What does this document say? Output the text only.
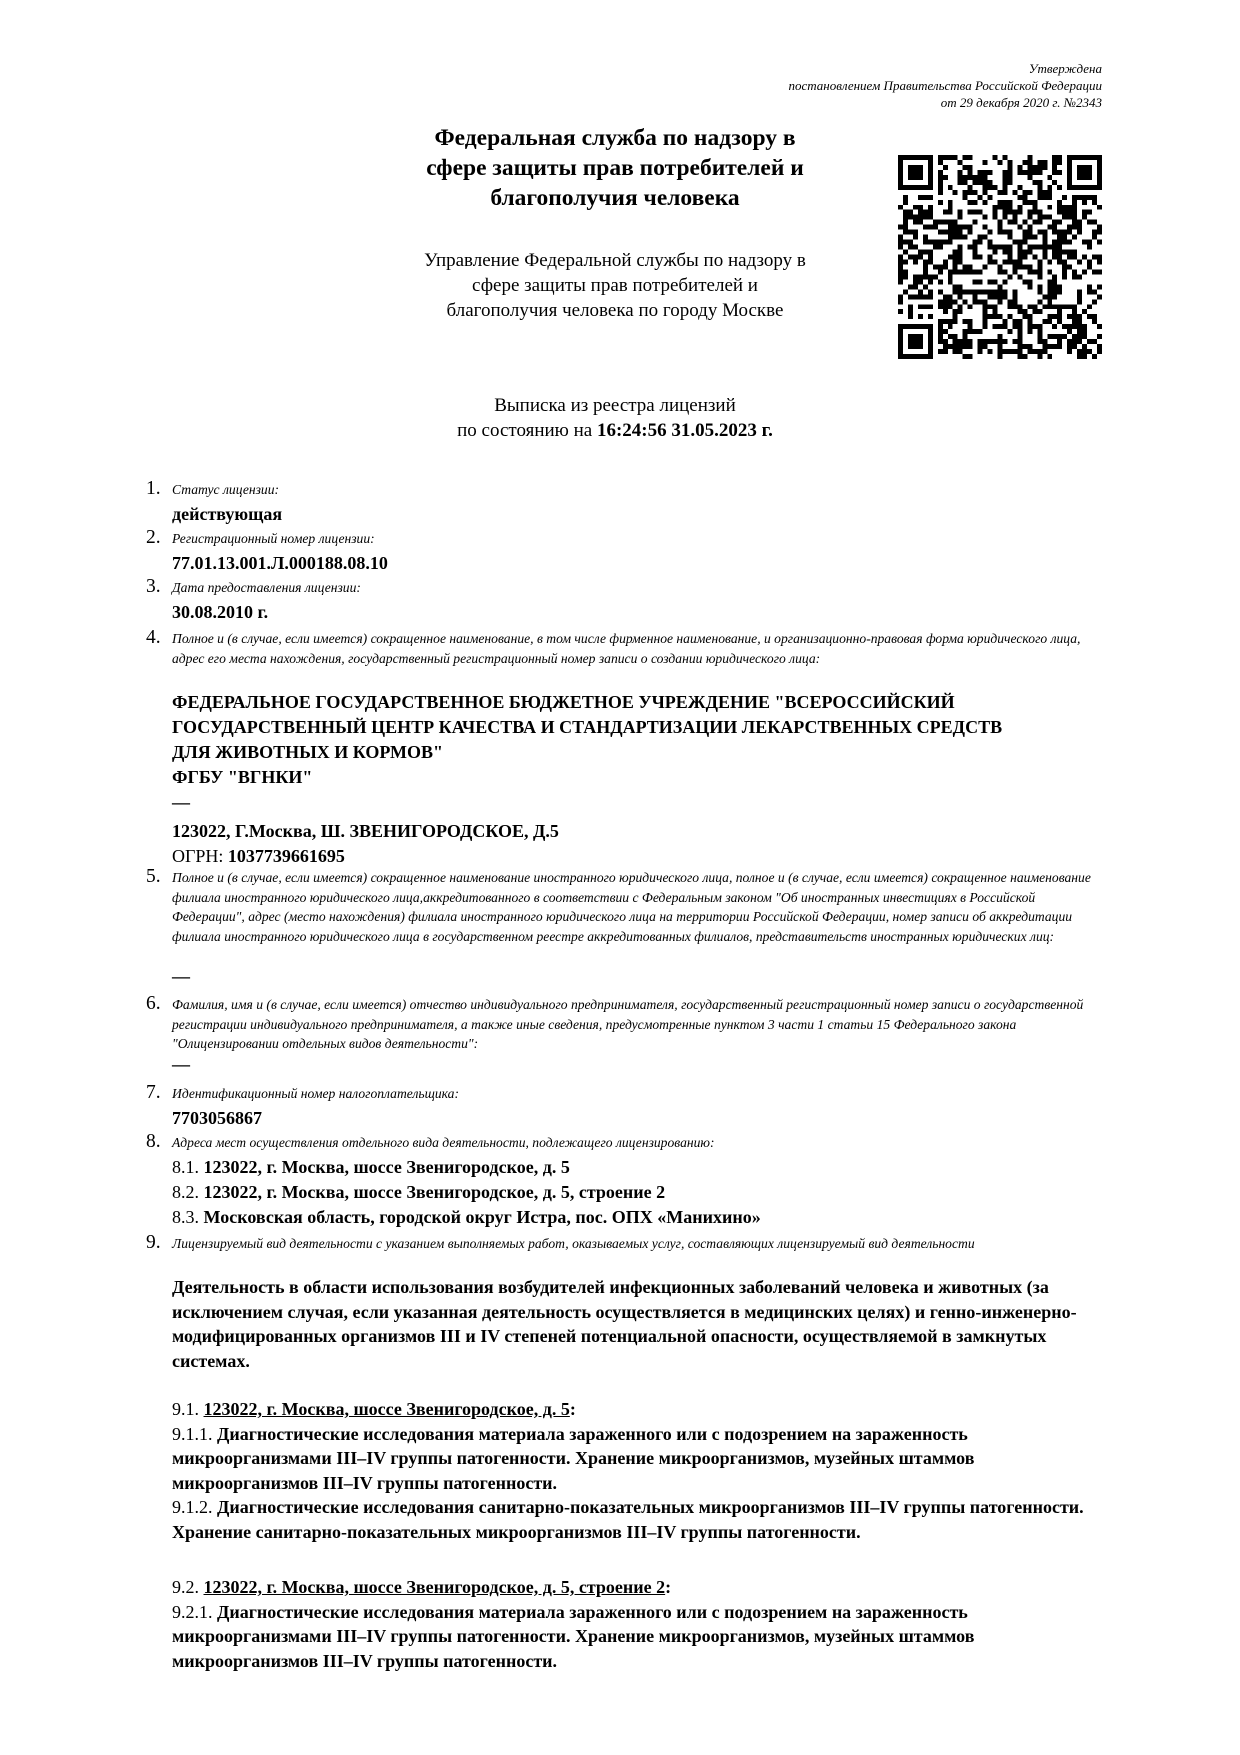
Утверждена
постановлением Правительства Российской Федерации
от 29 декабря 2020 г. №2343
Федеральная служба по надзору в
сфере защиты прав потребителей и
благополучия человека
Управление Федеральной службы по надзору в
сфере защиты прав потребителей и
благополучия человека по городу Москве
Выписка из реестра лицензий
по состоянию на 16:24:56 31.05.2023 г.
1. Статус лицензии:
действующая
2. Регистрационный номер лицензии:
77.01.13.001.Л.000188.08.10
3. Дата предоставления лицензии:
30.08.2010 г.
4. Полное и (в случае, если имеется) сокращенное наименование, в том числе фирменное наименование, и организационно-правовая форма юридического лица, адрес его места нахождения, государственный регистрационный номер записи о создании юридического лица:
ФЕДЕРАЛЬНОЕ ГОСУДАРСТВЕННОЕ БЮДЖЕТНОЕ УЧРЕЖДЕНИЕ "ВСЕРОССИЙСКИЙ
ГОСУДАРСТВЕННЫЙ ЦЕНТР КАЧЕСТВА И СТАНДАРТИЗАЦИИ ЛЕКАРСТВЕННЫХ СРЕДСТВ
ДЛЯ ЖИВОТНЫХ И КОРМОВ"
ФГБУ "ВГНКИ"
—
123022, Г.Москва, Ш. ЗВЕНИГОРОДСКОЕ, Д.5
ОГРН: 1037739661695
5. Полное и (в случае, если имеется) сокращенное наименование иностранного юридического лица, полное и (в случае, если имеется) сокращенное наименование филиала иностранного юридического лица,аккредитованного в соответствии с Федеральным законом "Об иностранных инвестициях в Российской Федерации", адрес (место нахождения) филиала иностранного юридического лица на территории Российской Федерации, номер записи об аккредитации филиала иностранного юридического лица в государственном реестре аккредитованных филиалов, представительств иностранных юридических лиц:
—
6. Фамилия, имя и (в случае, если имеется) отчество индивидуального предпринимателя, государственный регистрационный номер записи о государственной регистрации индивидуального предпринимателя, а также иные сведения, предусмотренные пунктом 3 части 1 статьи 15 Федерального закона "Олицензировании отдельных видов деятельности":
—
7. Идентификационный номер налогоплательщика:
7703056867
8. Адреса мест осуществления отдельного вида деятельности, подлежащего лицензированию:
8.1. 123022, г. Москва, шоссе Звенигородское, д. 5
8.2. 123022, г. Москва, шоссе Звенигородское, д. 5, строение 2
8.3. Московская область, городской округ Истра, пос. ОПХ «Манихино»
9. Лицензируемый вид деятельности с указанием выполняемых работ, оказываемых услуг, составляющих лицензируемый вид деятельности
Деятельность в области использования возбудителей инфекционных заболеваний человека и животных (за исключением случая, если указанная деятельность осуществляется в медицинских целях) и генно-инженерно-модифицированных организмов III и IV степеней потенциальной опасности, осуществляемой в замкнутых системах.
9.1. 123022, г. Москва, шоссе Звенигородское, д. 5:
9.1.1. Диагностические исследования материала зараженного или с подозрением на зараженность микроорганизмами III–IV группы патогенности. Хранение микроорганизмов, музейных штаммов микроорганизмов III–IV группы патогенности.
9.1.2. Диагностические исследования санитарно-показательных микроорганизмов III–IV группы патогенности. Хранение санитарно-показательных микроорганизмов III–IV группы патогенности.
9.2. 123022, г. Москва, шоссе Звенигородское, д. 5, строение 2:
9.2.1. Диагностические исследования материала зараженного или с подозрением на зараженность микроорганизмами III–IV группы патогенности. Хранение микроорганизмов, музейных штаммов микроорганизмов III–IV группы патогенности.
